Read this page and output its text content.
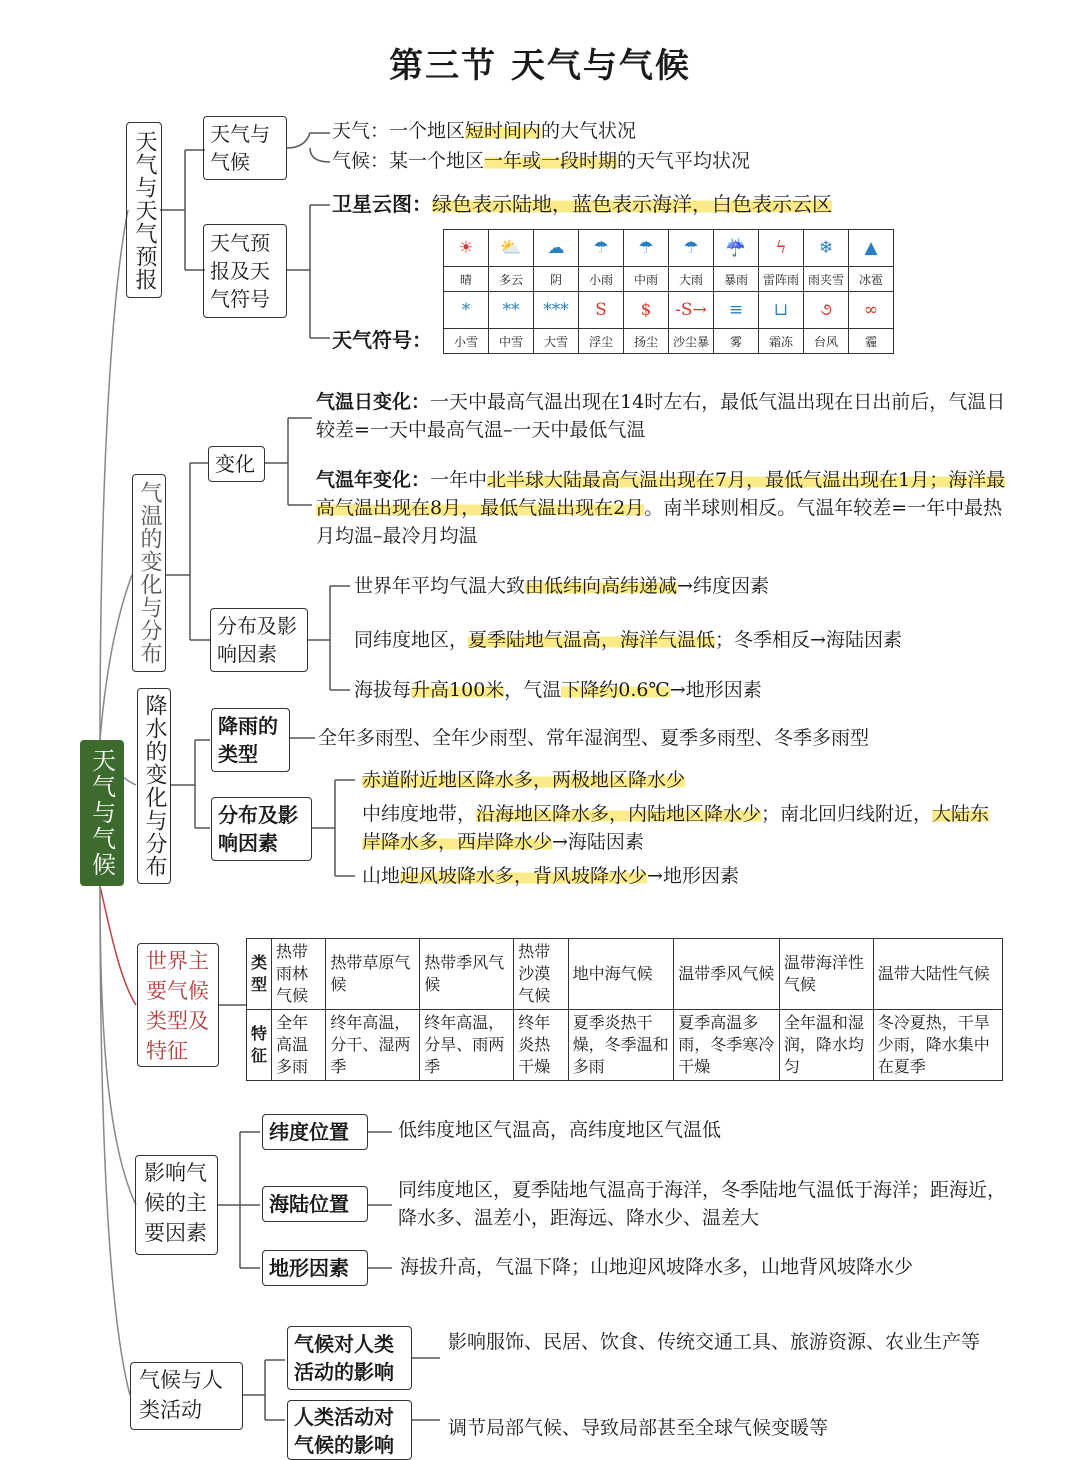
第三节 天气与气候
天气与气候
天气与天气预报	天气与气候
天气：一个地区短时间内的大气状况
气候：某一个地区一年或一段时期的天气平均状况
天气预报及天气符号
卫星云图：绿色表示陆地，蓝色表示海洋，白色表示云区
天气符号：
☀	⛅	☁	☂	☂	☂	☔	ϟ	❄	▲
晴	多云	阴	小雨	中雨	大雨	暴雨	雷阵雨	雨夹雪	冰雹
*	**	***	S	$	-S→	≡	⊔	૭	∞
小雪	中雪	大雪	浮尘	扬尘	沙尘暴	雾	霜冻	台风	霾
气温的变化与分布
变化
气温日变化：一天中最高气温出现在14时左右，最低气温出现在日出前后，气温日较差=一天中最高气温–一天中最低气温
气温年变化：一年中北半球大陆最高气温出现在7月，最低气温出现在1月；海洋最高气温出现在8月，最低气温出现在2月。南半球则相反。气温年较差=一年中最热月均温–最冷月均温
分布及影响因素
世界年平均气温大致由低纬向高纬递减→纬度因素
同纬度地区，夏季陆地气温高，海洋气温低；冬季相反→海陆因素
海拔每升高100米，气温下降约0.6℃→地形因素
降水的变化与分布	降雨的类型
全年多雨型、全年少雨型、常年湿润型、夏季多雨型、冬季多雨型
分布及影响因素
赤道附近地区降水多，两极地区降水少
中纬度地带，沿海地区降水多，内陆地区降水少；南北回归线附近，大陆东岸降水多，西岸降水少→海陆因素
山地迎风坡降水多，背风坡降水少→地形因素
世界主要气候类型及特征
类型	热带雨林气候	热带草原气候	热带季风气候	热带沙漠气候	地中海气候	温带季风气候	温带海洋性气候	温带大陆性气候
特征	全年高温多雨	终年高温，分干、湿两季	终年高温，分旱、雨两季	终年炎热干燥	夏季炎热干燥，冬季温和多雨	夏季高温多雨，冬季寒冷干燥	全年温和湿润，降水均匀	冬冷夏热，干旱少雨，降水集中在夏季
影响气候的主要因素
纬度位置	低纬度地区气温高，高纬度地区气温低
海陆位置
同纬度地区，夏季陆地气温高于海洋，冬季陆地气温低于海洋；距海近，降水多、温差小，距海远、降水少、温差大
地形因素	海拔升高，气温下降；山地迎风坡降水多，山地背风坡降水少
气候与人类活动
气候对人类活动的影响
影响服饰、民居、饮食、传统交通工具、旅游资源、农业生产等
人类活动对气候的影响
调节局部气候、导致局部甚至全球气候变暖等
